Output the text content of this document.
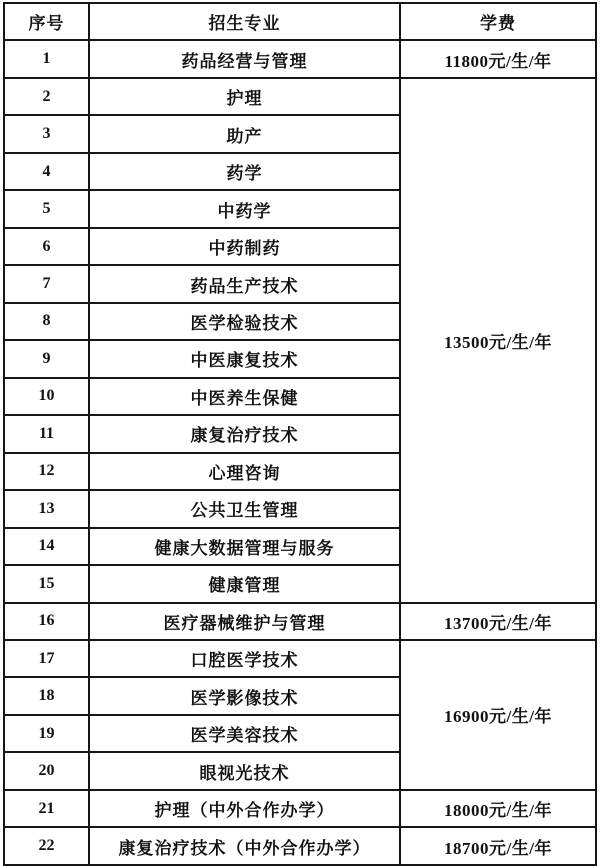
序号	招生专业	学费
1	药品经营与管理	11800元/生/年
2	护理	13500元/生/年
3	助产	
4	药学	
5	中药学	
6	中药制药	
7	药品生产技术	
8	医学检验技术	
9	中医康复技术	
10	中医养生保健	
11	康复治疗技术	
12	心理咨询	
13	公共卫生管理	
14	健康大数据管理与服务	
15	健康管理	
16	医疗器械维护与管理	13700元/生/年
17	口腔医学技术	16900元/生/年
18	医学影像技术	
19	医学美容技术	
20	眼视光技术	
21	护理（中外合作办学）	18000元/生/年
22	康复治疗技术（中外合作办学）	18700元/生/年
